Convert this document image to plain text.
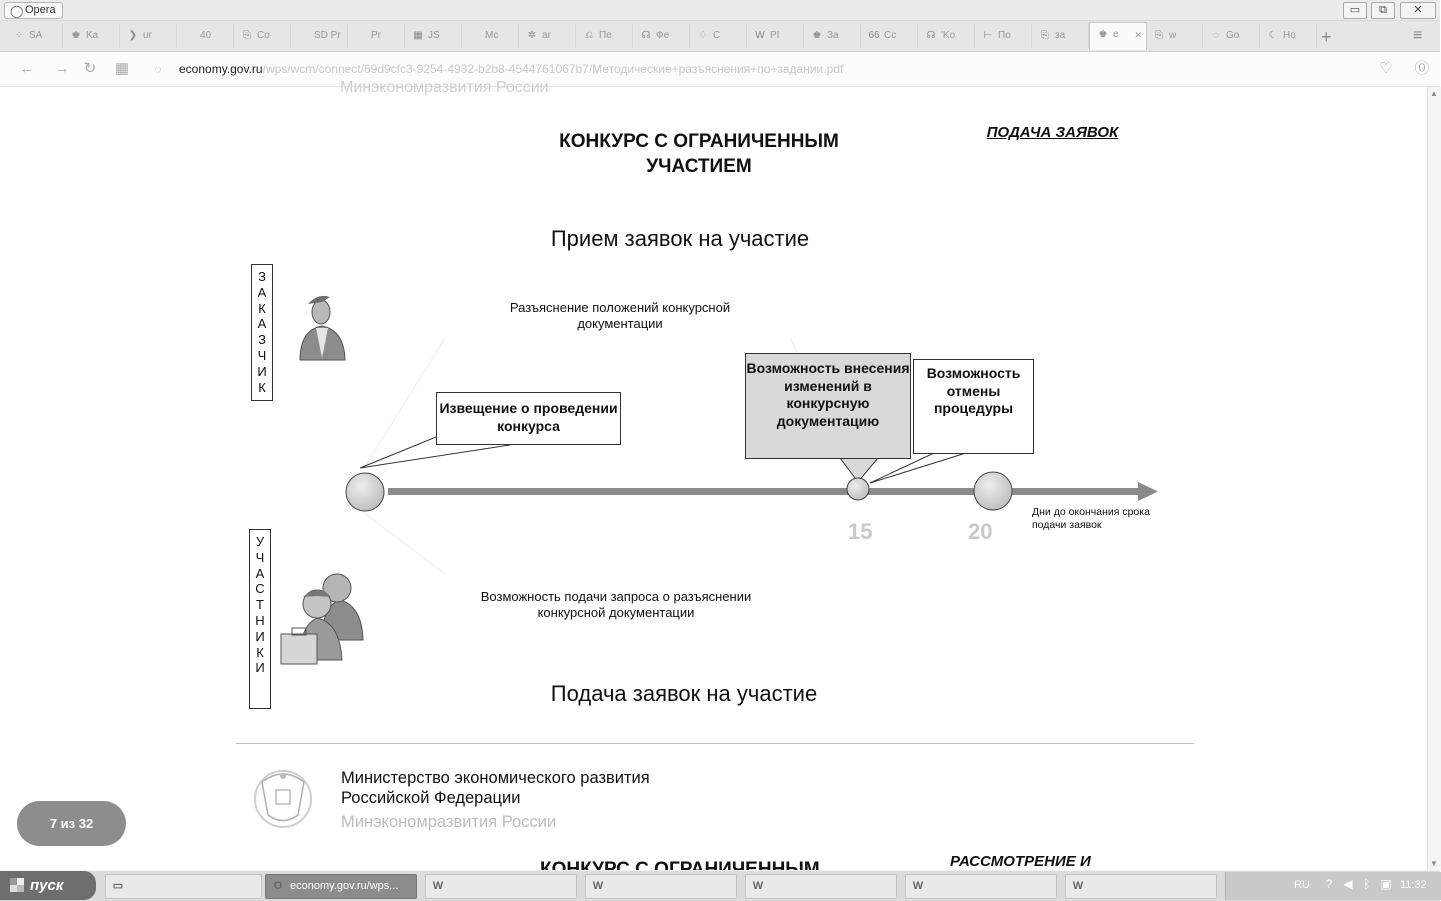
◯ Opera	▭	⧉	✕
⁘ SA	♚ Ka	❯ ur	40	⎘ Co	SD Pr	Pr	▦ JS	Mc	✲ ar	⎌ Пе	☊ Фе	♢ С	W PI	♚ За	66 Cc	☊ 'Ko	⊢ По	⎘ зa	♚ e ✕	⎘ w	◌ Go	☾ Ho	+	≡
← → ↻ ▦	◌	economy.gov.ru/wps/wcm/connect/69d9cfc3-9254-4932-b2b8-4544761067b7/Методические+разъяснения+по+задании.pdf	♡ ⓪
▲
▼
Минэкономразвития России
КОНКУРС С ОГРАНИЧЕННЫМ
УЧАСТИЕМ
ПОДАЧА ЗАЯВОК
Прием заявок на участие
Подача заявок на участие
З
А
К
А
З
Ч
И
К
У
Ч
А
С
Т
Н
И
К
И
Разъяснение положений конкурсной документации
Возможность подачи запроса о разъяснении конкурсной документации
Извещение о проведении конкурса
Возможность внесения изменений в конкурсную документацию
Возможность отмены процедуры
15	20
Дни до окончания срока подачи заявок
Министерство экономического развития
Российской Федерации
Минэкономразвития России
РАССМОТРЕНИЕ И
7 из 32
пуск	▭	O economy.gov.ru/wps...	W	W	W	W	W	RU	? ◀ ᛒ ▣ 11:32
